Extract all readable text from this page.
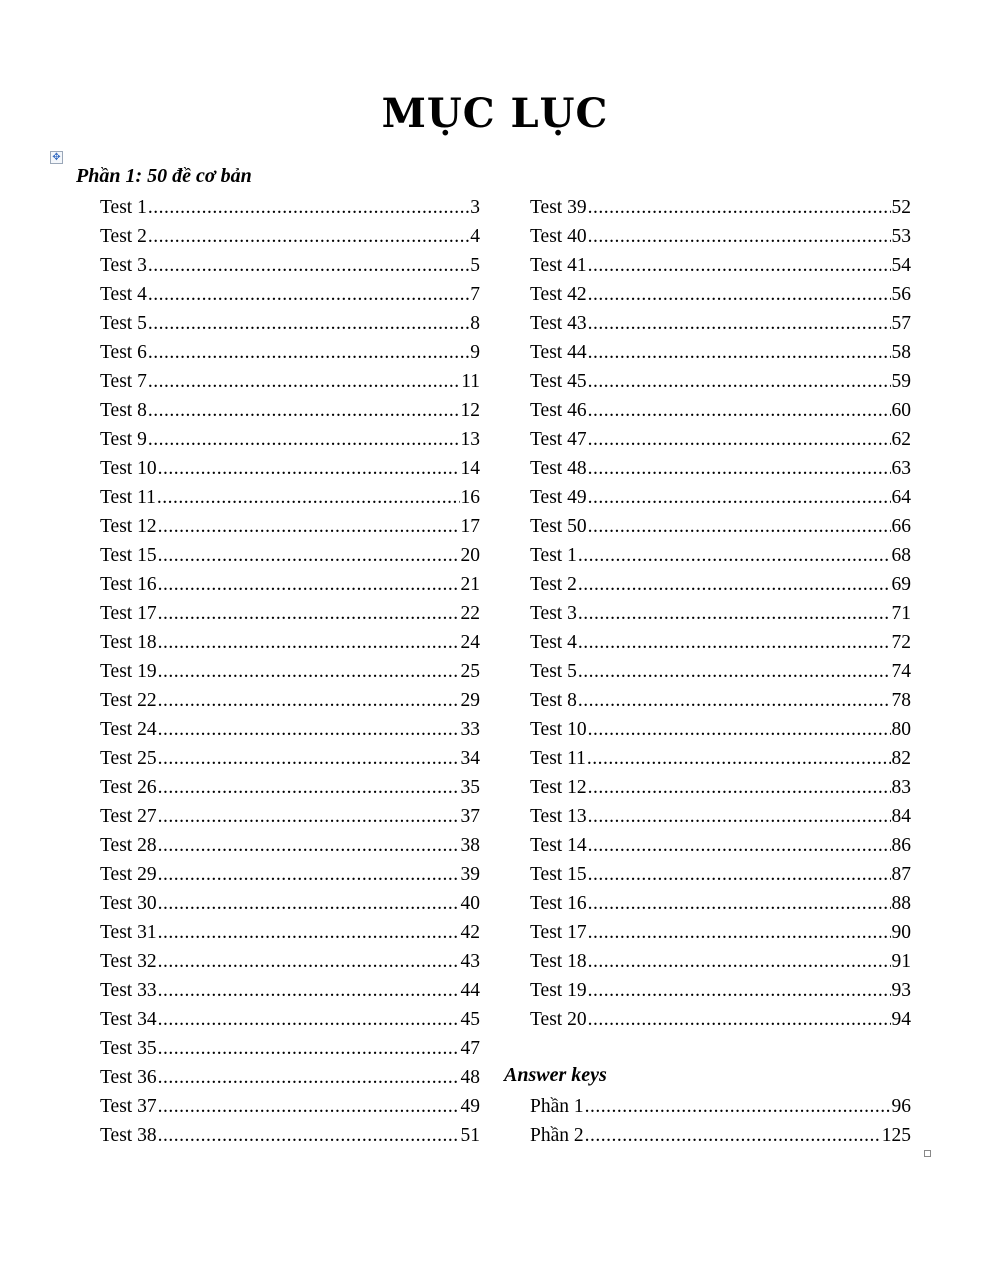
MỤC LỤC
✥
Phần 1: 50 đề cơ bản
Test 1 .....	3
Test 2 .....	4
Test 3 .....	5
Test 4 .....	7
Test 5 .....	8
Test 6 .....	9
Test 7 .....	11
Test 8 .....	12
Test 9 .....	13
Test 10 .....	14
Test 11 .....	16
Test 12 .....	17
Test 15 .....	20
Test 16 .....	21
Test 17 .....	22
Test 18 .....	24
Test 19 .....	25
Test 22 .....	29
Test 24 .....	33
Test 25 .....	34
Test 26 .....	35
Test 27 .....	37
Test 28 .....	38
Test 29 .....	39
Test 30 .....	40
Test 31 .....	42
Test 32 .....	43
Test 33 .....	44
Test 34 .....	45
Test 35 .....	47
Test 36 .....	48
Test 37 .....	49
Test 38 .....	51
Test 39 .....	52
Test 40 .....	53
Test 41 .....	54
Test 42 .....	56
Test 43 .....	57
Test 44 .....	58
Test 45 .....	59
Test 46 .....	60
Test 47 .....	62
Test 48 .....	63
Test 49 .....	64
Test 50 .....	66
Test 1 .....	68
Test 2 .....	69
Test 3 .....	71
Test 4 .....	72
Test 5 .....	74
Test 8 .....	78
Test 10 .....	80
Test 11 .....	82
Test 12 .....	83
Test 13 .....	84
Test 14 .....	86
Test 15 .....	87
Test 16 .....	88
Test 17 .....	90
Test 18 .....	91
Test 19 .....	93
Test 20 .....	94
Answer keys
Phần 1 .....	96
Phần 2 .....	125
